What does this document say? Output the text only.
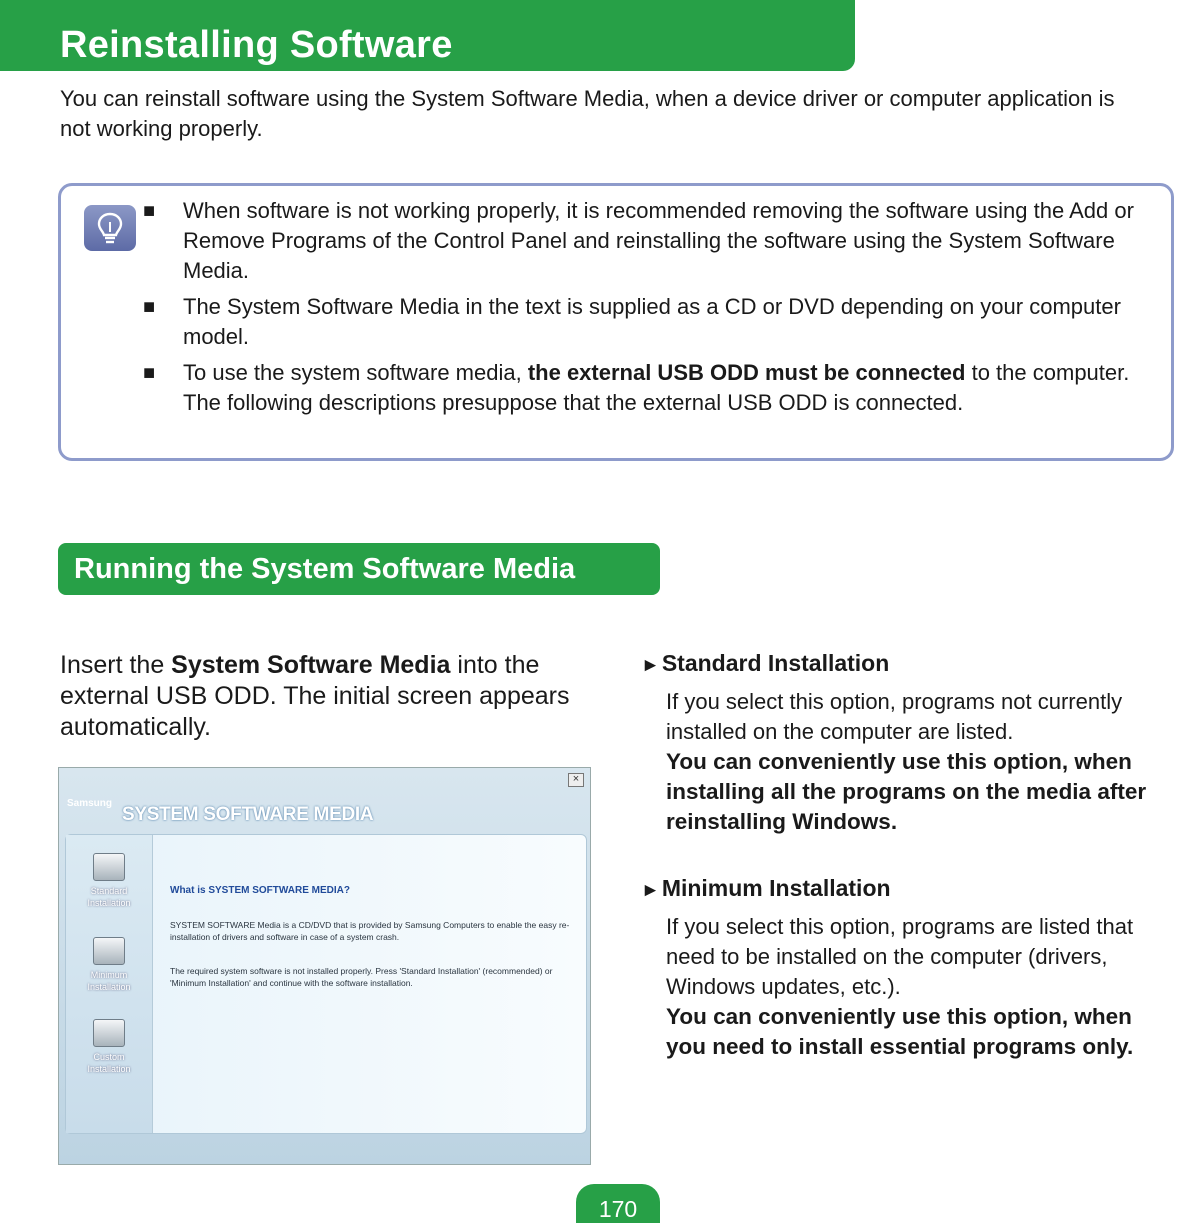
Reinstalling Software
You can reinstall software using the System Software Media, when a device driver or computer application is not working properly.
■ When software is not working properly, it is recommended removing the software using the Add or Remove Programs of the Control Panel and reinstalling the software using the System Software Media.
■ The System Software Media in the text is supplied as a CD or DVD depending on your computer model.
■ To use the system software media, the external USB ODD must be connected to the computer. The following descriptions presuppose that the external USB ODD is connected.
Running the System Software Media
Insert the System Software Media into the external USB ODD. The initial screen appears automatically.
×
Samsung
SYSTEM SOFTWARE MEDIA
Standard
Installation
Minimum
Installation
Custom
Installation
What is SYSTEM SOFTWARE MEDIA?
SYSTEM SOFTWARE Media is a CD/DVD that is provided by Samsung Computers to enable the easy re-installation of drivers and software in case of a system crash.
The required system software is not installed properly. Press 'Standard Installation' (recommended) or 'Minimum Installation' and continue with the software installation.
►Standard Installation
If you select this option, programs not currently installed on the computer are listed.
You can conveniently use this option, when installing all the programs on the media after reinstalling Windows.
►Minimum Installation
If you select this option, programs are listed that need to be installed on the computer (drivers, Windows updates, etc.).
You can conveniently use this option, when you need to install essential programs only.
170
